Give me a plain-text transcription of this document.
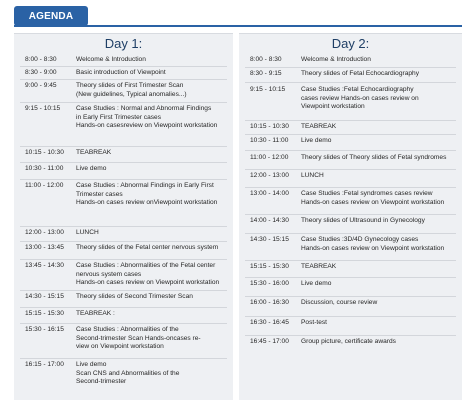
AGENDA
Day 1:
8:00 - 8:30	Welcome & Introduction
8:30 - 9:00	Basic introduction of Viewpoint
9:00 - 9:45	Theory slides of First Trimester Scan
(New guidelines, Typical anomalies...)
9:15 - 10:15 Case Studies : Normal and Abnormal Findings
in Early First Trimester cases
Hands-on casesreview on Viewpoint workstation
10:15 - 10:30 TEABREAK
10:30 - 11:00 Live demo
11:00 - 12:00 Case Studies : Abnormal Findings in Early First
Trimester cases
Hands-on cases review onViewpoint workstation
12:00 - 13:00 LUNCH
13:00 - 13:45 Theory slides of the Fetal center nervous system
13:45 - 14:30 Case Studies : Abnormalities of the Fetal center
nervous system cases
Hands-on cases review on Viewpoint workstation
14:30 - 15:15 Theory slides of Second Trimester Scan
15:15 - 15:30 TEABREAK :
15:30 - 16:15 Case Studies : Abnormalities of the
Second-trimester Scan Hands-oncases re-
view on Viewpoint workstation
16:15 - 17:00 Live demo
Scan CNS and Abnormalities of the
Second-trimester
Day 2:
8:00 - 8:30	Welcome & Introduction
8:30 - 9:15	Theory slides of Fetal Echocardiography
9:15 - 10:15 Case Studies :Fetal Echocardiography
cases review Hands-on cases review on
Viewpoint workstation
10:15 - 10:30 TEABREAK
10:30 - 11:00 Live demo
11:00 - 12:00 Theory slides of Theory slides of Fetal syndromes
12:00 - 13:00 LUNCH
13:00 - 14:00 Case Studies :Fetal syndromes cases review
Hands-on cases review on Viewpoint workstation
14:00 - 14:30 Theory slides of Ultrasound in Gynecology
14:30 - 15:15 Case Studies :3D/4D Gynecology cases
Hands-on cases review on Viewpoint workstation
15:15 - 15:30 TEABREAK
15:30 - 16:00 Live demo
16:00 - 16:30 Discussion, course review
16:30 - 16:45 Post-test
16:45 - 17:00 Group picture, certificate awards
